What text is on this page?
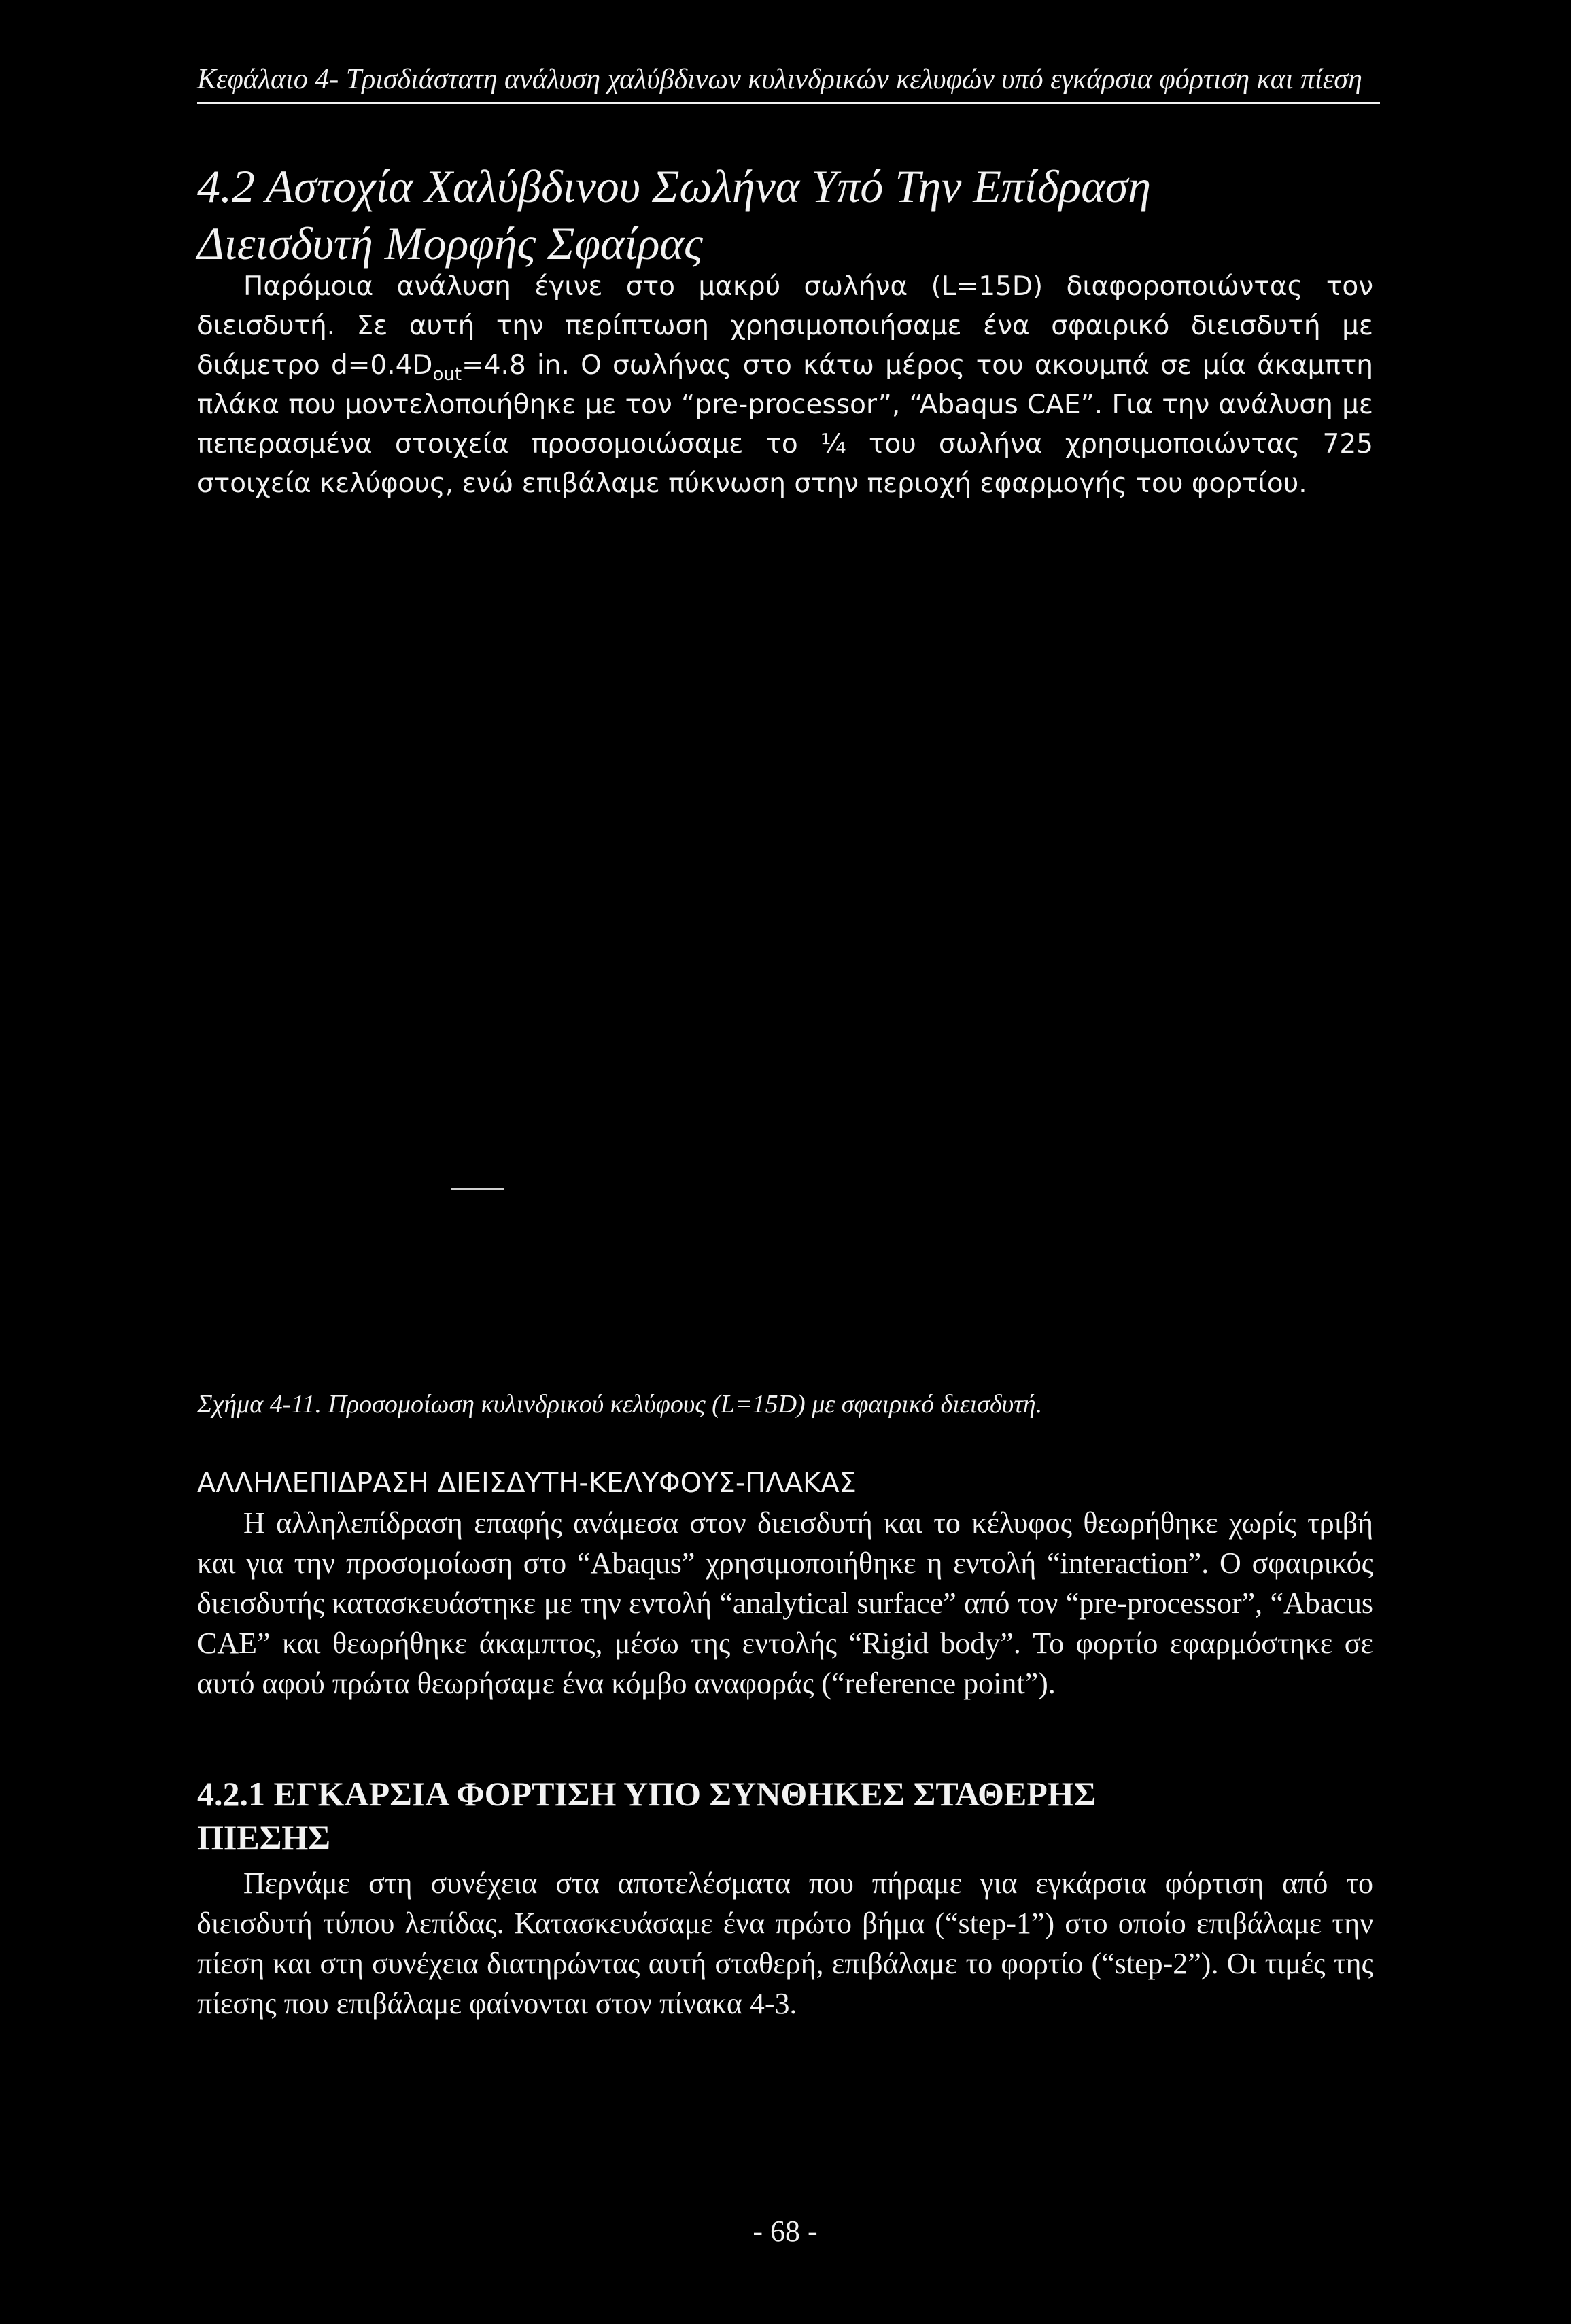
Κεφάλαιο 4- Τρισδιάστατη ανάλυση χαλύβδινων κυλινδρικών κελυφών υπό εγκάρσια φόρτιση και πίεση
4.2 Αστοχία Χαλύβδινου Σωλήνα Υπό Την Επίδραση
Διεισδυτή Μορφής Σφαίρας

Παρόμοια ανάλυση έγινε στο μακρύ σωλήνα (L=15D) διαφοροποιώντας τον διεισδυτή. Σε αυτή την περίπτωση χρησιμοποιήσαμε ένα σφαιρικό διεισδυτή με διάμετρο $d=0.4D_{out}=4.8$ in. Ο σωλήνας στο κάτω μέρος του ακουμπά σε μία άκαμπτη πλάκα που μοντελοποιήθηκε με τον “pre-processor”, “Abaqus CAE”. Για την ανάλυση με πεπερασμένα στοιχεία προσομοιώσαμε το ¼ του σωλήνα χρησιμοποιώντας 725 στοιχεία κελύφους, ενώ επιβάλαμε πύκνωση στην περιοχή εφαρμογής του φορτίου.

Σχήμα 4-11. Προσομοίωση κυλινδρικού κελύφους (L=15D) με σφαιρικό διεισδυτή.
ΑΛΛΗΛΕΠΙΔΡΑΣΗ ΔΙΕΙΣΔΥΤΗ-ΚΕΛΥΦΟΥΣ-ΠΛΑΚΑΣ

Η αλληλεπίδραση επαφής ανάμεσα στον διεισδυτή και το κέλυφος θεωρήθηκε χωρίς τριβή και για την προσομοίωση στο “Abaqus” χρησιμοποιήθηκε η εντολή “interaction”. Ο σφαιρικός διεισδυτής κατασκευάστηκε με την εντολή “analytical surface” από τον “pre-processor”, “Abacus CAE” και θεωρήθηκε άκαμπτος, μέσω της εντολής “Rigid body”. Το φορτίο εφαρμόστηκε σε αυτό αφού πρώτα θεωρήσαμε ένα κόμβο αναφοράς (“reference point”).

4.2.1 ΕΓΚΑΡΣΙΑ ΦΟΡΤΙΣΗ ΥΠΟ ΣΥΝΘΗΚΕΣ ΣΤΑΘΕΡΗΣ
ΠΙΕΣΗΣ

Περνάμε στη συνέχεια στα αποτελέσματα που πήραμε για εγκάρσια φόρτιση από το διεισδυτή τύπου λεπίδας. Κατασκευάσαμε ένα πρώτο βήμα (“step-1”) στο οποίο επιβάλαμε την πίεση και στη συνέχεια διατηρώντας αυτή σταθερή, επιβάλαμε το φορτίο (“step-2”). Οι τιμές της πίεσης που επιβάλαμε φαίνονται στον πίνακα 4-3.

- 68 -
